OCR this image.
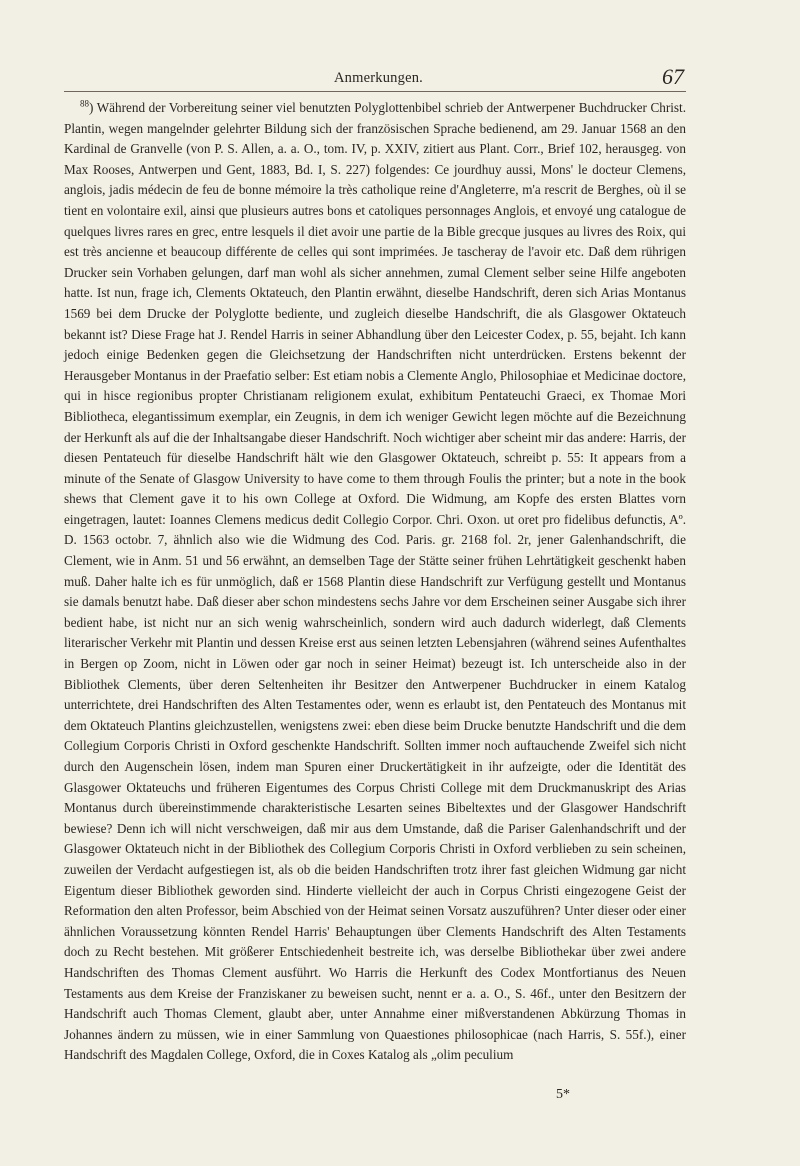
Anmerkungen.	67

$^{88}$) Während der Vorbereitung seiner viel benutzten Polyglottenbibel schrieb der Antwerpener Buchdrucker Christ. Plantin, wegen mangelnder gelehrter Bildung sich der französischen Sprache bedienend, am 29. Januar 1568 an den Kardinal de Granvelle (von P. S. Allen, a. a. O., tom. IV, p. XXIV, zitiert aus Plant. Corr., Brief 102, herausgeg. von Max Rooses, Antwerpen und Gent, 1883, Bd. I, S. 227) folgendes: Ce jourdhuy aussi, Mons' le docteur Clemens, anglois, jadis médecin de feu de bonne mémoire la très catholique reine d'Angleterre, m'a rescrit de Berghes, où il se tient en volontaire exil, ainsi que plusieurs autres bons et catoliques personnages Anglois, et envoyé ung catalogue de quelques livres rares en grec, entre lesquels il diet avoir une partie de la Bible grecque jusques au livres des Roix, qui est très ancienne et beaucoup différente de celles qui sont imprimées. Je tascheray de l'avoir etc. Daß dem rührigen Drucker sein Vorhaben gelungen, darf man wohl als sicher annehmen, zumal Clement selber seine Hilfe angeboten hatte. Ist nun, frage ich, Clements Oktateuch, den Plantin erwähnt, dieselbe Handschrift, deren sich Arias Montanus 1569 bei dem Drucke der Polyglotte bediente, und zugleich dieselbe Handschrift, die als Glasgower Oktateuch bekannt ist? Diese Frage hat J. Rendel Harris in seiner Abhandlung über den Leicester Codex, p. 55, bejaht. Ich kann jedoch einige Bedenken gegen die Gleichsetzung der Handschriften nicht unterdrücken. Erstens bekennt der Herausgeber Montanus in der Praefatio selber: Est etiam nobis a Clemente Anglo, Philosophiae et Medicinae doctore, qui in hisce regionibus propter Christianam religionem exulat, exhibitum Pentateuchi Graeci, ex Thomae Mori Bibliotheca, elegantissimum exemplar, ein Zeugnis, in dem ich weniger Gewicht legen möchte auf die Bezeichnung der Herkunft als auf die der Inhaltsangabe dieser Handschrift. Noch wichtiger aber scheint mir das andere: Harris, der diesen Pentateuch für dieselbe Handschrift hält wie den Glasgower Oktateuch, schreibt p. 55: It appears from a minute of the Senate of Glasgow University to have come to them through Foulis the printer; but a note in the book shews that Clement gave it to his own College at Oxford. Die Widmung, am Kopfe des ersten Blattes vorn eingetragen, lautet: Ioannes Clemens medicus dedit Collegio Corpor. Chri. Oxon. ut oret pro fidelibus defunctis, Aº. D. 1563 octobr. 7, ähnlich also wie die Widmung des Cod. Paris. gr. 2168 fol. 2r, jener Galenhandschrift, die Clement, wie in Anm. 51 und 56 erwähnt, an demselben Tage der Stätte seiner frühen Lehrtätigkeit geschenkt haben muß. Daher halte ich es für unmöglich, daß er 1568 Plantin diese Handschrift zur Verfügung gestellt und Montanus sie damals benutzt habe. Daß dieser aber schon mindestens sechs Jahre vor dem Erscheinen seiner Ausgabe sich ihrer bedient habe, ist nicht nur an sich wenig wahrscheinlich, sondern wird auch dadurch widerlegt, daß Clements literarischer Verkehr mit Plantin und dessen Kreise erst aus seinen letzten Lebensjahren (während seines Aufenthaltes in Bergen op Zoom, nicht in Löwen oder gar noch in seiner Heimat) bezeugt ist. Ich unterscheide also in der Bibliothek Clements, über deren Seltenheiten ihr Besitzer den Antwerpener Buchdrucker in einem Katalog unterrichtete, drei Handschriften des Alten Testamentes oder, wenn es erlaubt ist, den Pentateuch des Montanus mit dem Oktateuch Plantins gleichzustellen, wenigstens zwei: eben diese beim Drucke benutzte Handschrift und die dem Collegium Corporis Christi in Oxford geschenkte Handschrift. Sollten immer noch auftauchende Zweifel sich nicht durch den Augenschein lösen, indem man Spuren einer Druckertätigkeit in ihr aufzeigte, oder die Identität des Glasgower Oktateuchs und früheren Eigentumes des Corpus Christi College mit dem Druckmanuskript des Arias Montanus durch übereinstimmende charakteristische Lesarten seines Bibeltextes und der Glasgower Handschrift bewiese? Denn ich will nicht verschweigen, daß mir aus dem Umstande, daß die Pariser Galenhandschrift und der Glasgower Oktateuch nicht in der Bibliothek des Collegium Corporis Christi in Oxford verblieben zu sein scheinen, zuweilen der Verdacht aufgestiegen ist, als ob die beiden Handschriften trotz ihrer fast gleichen Widmung gar nicht Eigentum dieser Bibliothek geworden sind. Hinderte vielleicht der auch in Corpus Christi eingezogene Geist der Reformation den alten Professor, beim Abschied von der Heimat seinen Vorsatz auszuführen? Unter dieser oder einer ähnlichen Voraussetzung könnten Rendel Harris' Behauptungen über Clements Handschrift des Alten Testaments doch zu Recht bestehen. Mit größerer Entschiedenheit bestreite ich, was derselbe Bibliothekar über zwei andere Handschriften des Thomas Clement ausführt. Wo Harris die Herkunft des Codex Montfortianus des Neuen Testaments aus dem Kreise der Franziskaner zu beweisen sucht, nennt er a. a. O., S. 46f., unter den Besitzern der Handschrift auch Thomas Clement, glaubt aber, unter Annahme einer mißverstandenen Abkürzung Thomas in Johannes ändern zu müssen, wie in einer Sammlung von Quaestiones philosophicae (nach Harris, S. 55f.), einer Handschrift des Magdalen College, Oxford, die in Coxes Katalog als „olim peculium

5*
